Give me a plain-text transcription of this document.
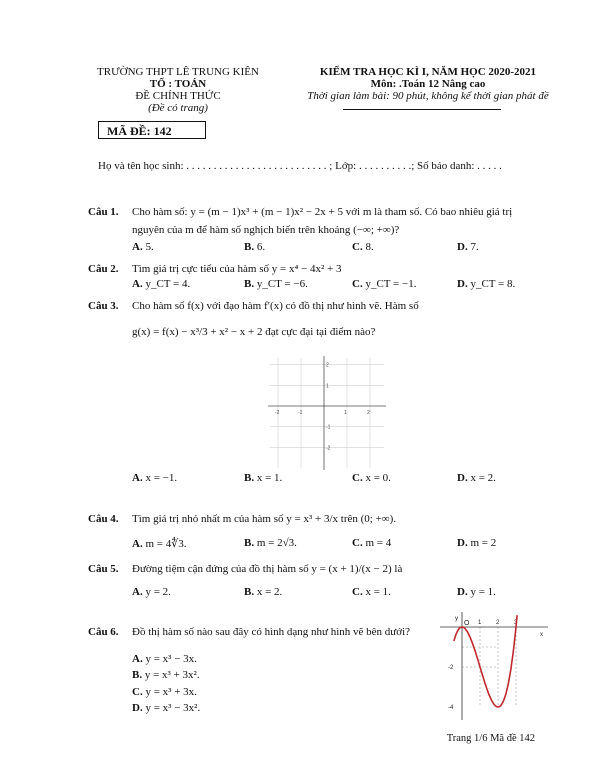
TRƯỜNG THPT LÊ TRUNG KIÊN
TỔ : TOÁN
ĐỀ CHÍNH THỨC
(Đề có trang)
KIỂM TRA HỌC KÌ I, NĂM HỌC 2020-2021
Môn: .Toán 12 Nâng cao
Thời gian làm bài: 90 phút, không kể thời gian phát đề
MÃ ĐỀ: 142
Họ và tên học sinh: . . . . . . . . . . . . . . . . . . . . . . . . . . ; Lớp: . . . . . . . . . .; Số báo danh: . . . . .
Câu 1. Cho hàm số: y = (m − 1)x³ + (m − 1)x² − 2x + 5 với m là tham số. Có bao nhiêu giá trị
nguyên của m để hàm số nghịch biến trên khoảng (−∞; +∞)?
A. 5.	B. 6.	C. 8.	D. 7.
Câu 2. Tìm giá trị cực tiểu của hàm số y = x⁴ − 4x² + 3
A. y_CT = 4.	B. y_CT = −6.	C. y_CT = −1.	D. y_CT = 8.
Câu 3. Cho hàm số f(x) với đạo hàm f′(x) có đồ thị như hình vẽ. Hàm số
g(x) = f(x) − x³/3 + x² − x + 2 đạt cực đại tại điểm nào?
-2	-1	1	2
2
1
-1
-2
A. x = −1.	B. x = 1.	C. x = 0.	D. x = 2.
Câu 4. Tìm giá trị nhỏ nhất m của hàm số y = x³ + 3/x trên (0; +∞).
A. m = 4∜3.	B. m = 2√3.	C. m = 4	D. m = 2
Câu 5. Đường tiệm cận đứng của đồ thị hàm số y = (x + 1)/(x − 2) là
A. y = 2.	B. x = 2.	C. x = 1.	D. y = 1.
Câu 6. Đồ thị hàm số nào sau đây có hình dạng như hình vẽ bên dưới?
A. y = x³ − 3x.
B. y = x³ + 3x².
C. y = x³ + 3x.
D. y = x³ − 3x².
O
y
x
1 2 3
-2
-4
Trang 1/6 Mã đề 142
